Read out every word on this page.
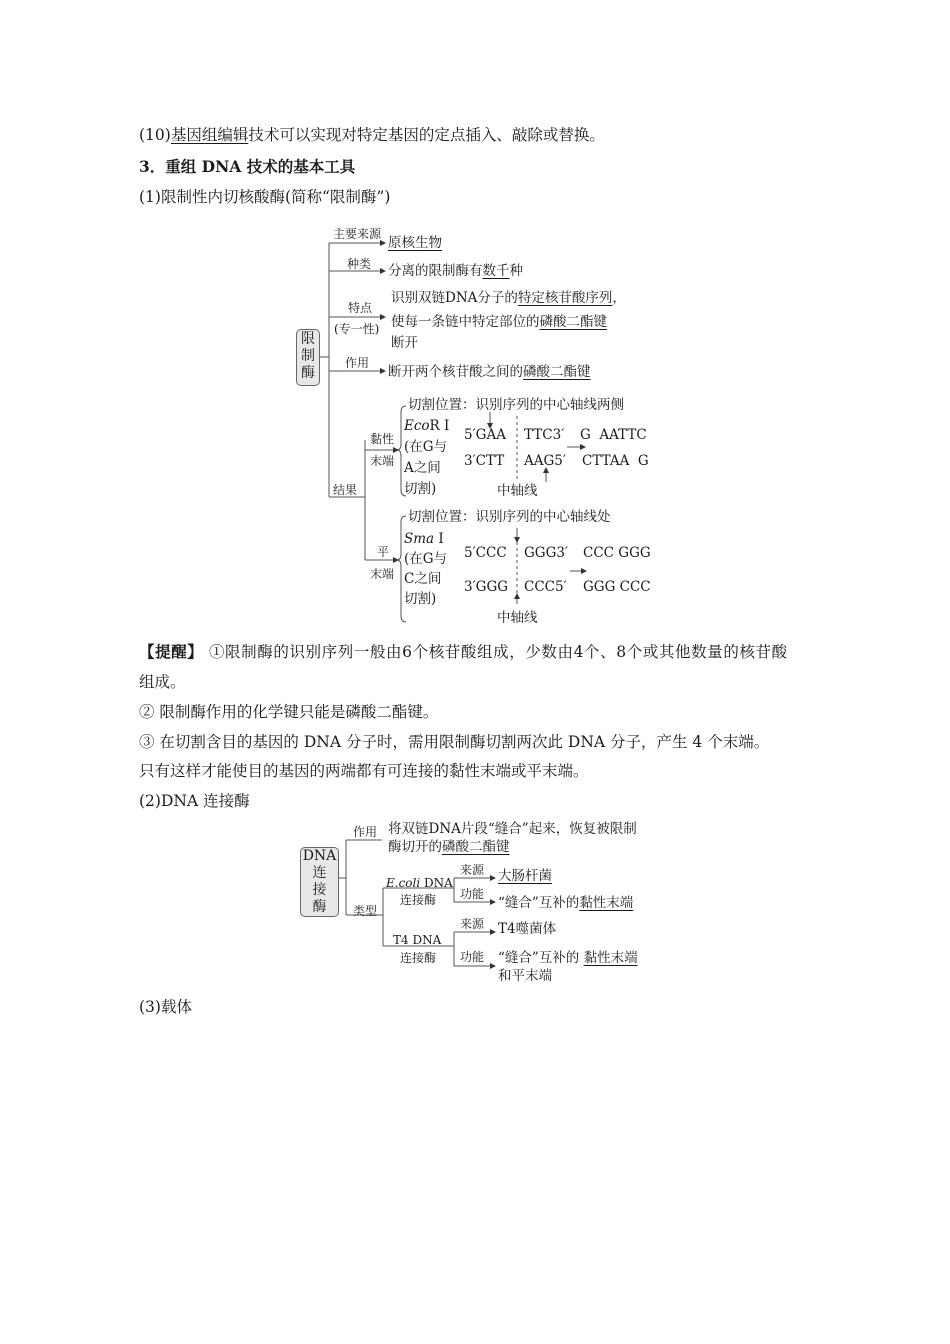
(10)基因组编辑技术可以实现对特定基因的定点插入、敲除或替换。
3．重组 DNA 技术的基本工具
(1)限制性内切核酸酶(简称“限制酶”)
限
制
酶
主要来源
原核生物
种类 分离的限制酶有数千种
特点
(专一性)
识别双链DNA分子的特定核苷酸序列，
使每一条链中特定部位的磷酸二酯键
断开
作用
断开两个核苷酸之间的磷酸二酯键
结果
黏性
末端
切割位置：识别序列的中心轴线两侧
EcoR Ⅰ
(在G与
A之间
切割)
5′GAA TTC3′ G  AATTC
3′CTT AAG5′ CTTAA  G
中轴线
平
末端
切割位置：识别序列的中心轴线处
Sma Ⅰ
(在G与
C之间
切割)
5′CCC GGG3′ CCC GGG
3′GGG CCC5′ GGG CCC
中轴线
【提醒】 ①限制酶的识别序列一般由6个核苷酸组成，少数由4个、8个或其他数量的核苷酸
组成。
② 限制酶作用的化学键只能是磷酸二酯键。
③ 在切割含目的基因的 DNA 分子时，需用限制酶切割两次此 DNA 分子，产生 4 个末端。
只有这样才能使目的基因的两端都有可连接的黏性末端或平末端。
(2)DNA 连接酶
DNA
连
接
酶
作用 将双链DNA片段“缝合”起来，恢复被限制
酶切开的磷酸二酯键
类型
E.coli DNA
连接酶
来源 大肠杆菌
功能
“缝合”互补的黏性末端
T4 DNA
连接酶
来源 T4噬菌体
功能 “缝合”互补的 黏性末端
和平末端
(3)载体
